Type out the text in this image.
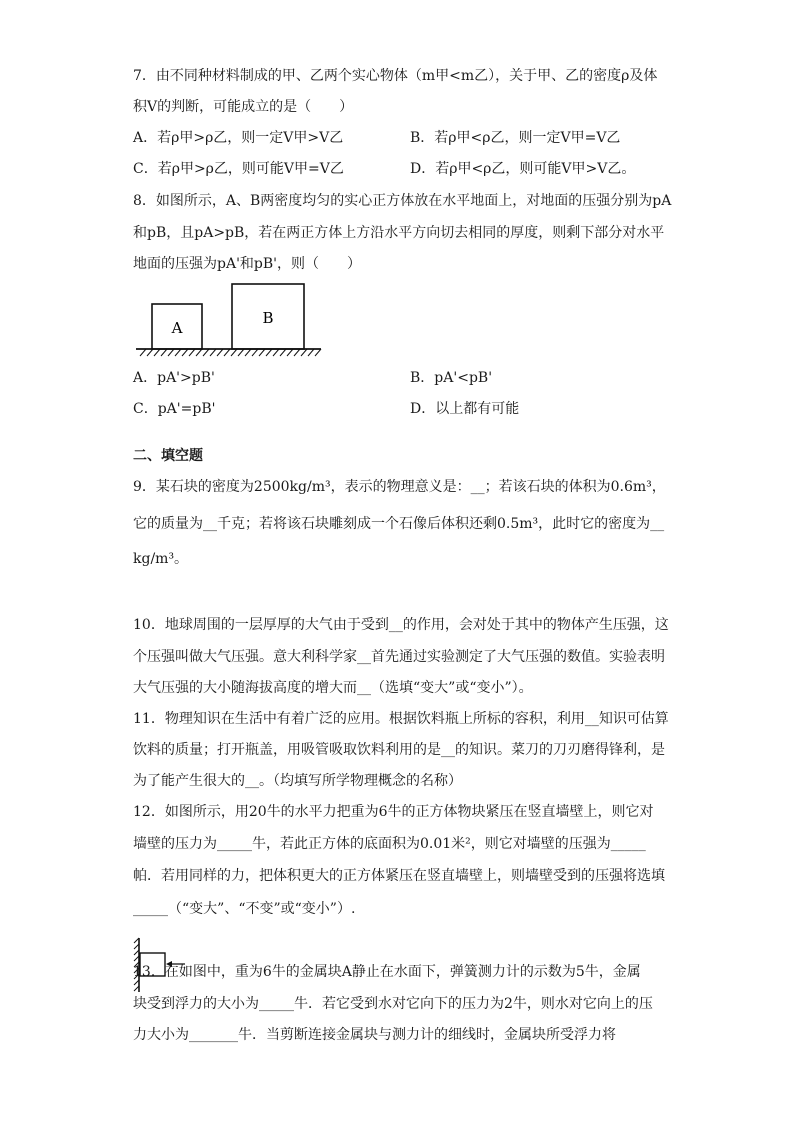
7．由不同种材料制成的甲、乙两个实心物体（m甲<m乙），关于甲、乙的密度ρ及体
积V的判断，可能成立的是（　　）
A．若ρ甲>ρ乙，则一定V甲>V乙	B．若ρ甲<ρ乙，则一定V甲=V乙
C．若ρ甲>ρ乙，则可能V甲=V乙	D．若ρ甲<ρ乙，则可能V甲>V乙。
8．如图所示，A、B两密度均匀的实心正方体放在水平地面上，对地面的压强分别为pA
和pB，且pA>pB，若在两正方体上方沿水平方向切去相同的厚度，则剩下部分对水平
地面的压强为pA'和pB'，则（　　）
A
B
A．pA'>pB'	B．pA'<pB'
C．pA'=pB'	D．以上都有可能
二、填空题
9．某石块的密度为2500kg/m³，表示的物理意义是：__；若该石块的体积为0.6m³，
它的质量为__千克；若将该石块雕刻成一个石像后体积还剩0.5m³，此时它的密度为__
kg/m³。
10．地球周围的一层厚厚的大气由于受到__的作用，会对处于其中的物体产生压强，这
个压强叫做大气压强。意大利科学家__首先通过实验测定了大气压强的数值。实验表明
大气压强的大小随海拔高度的增大而__（选填“变大”或“变小”）。
11．物理知识在生活中有着广泛的应用。根据饮料瓶上所标的容积，利用__知识可估算
饮料的质量；打开瓶盖，用吸管吸取饮料利用的是__的知识。菜刀的刀刃磨得锋利，是
为了能产生很大的__。（均填写所学物理概念的名称）
12．如图所示，用20牛的水平力把重为6牛的正方体物块紧压在竖直墙壁上，则它对
墙壁的压力为_____牛，若此正方体的底面积为0.01米²，则它对墙壁的压强为_____
帕．若用同样的力，把体积更大的正方体紧压在竖直墙壁上，则墙壁受到的压强将选填
_____（“变大”、“不变”或“变小”）.
13．在如图中，重为6牛的金属块A静止在水面下，弹簧测力计的示数为5牛，金属
块受到浮力的大小为_____牛．若它受到水对它向下的压力为2牛，则水对它向上的压
力大小为_______牛．当剪断连接金属块与测力计的细线时，金属块所受浮力将
